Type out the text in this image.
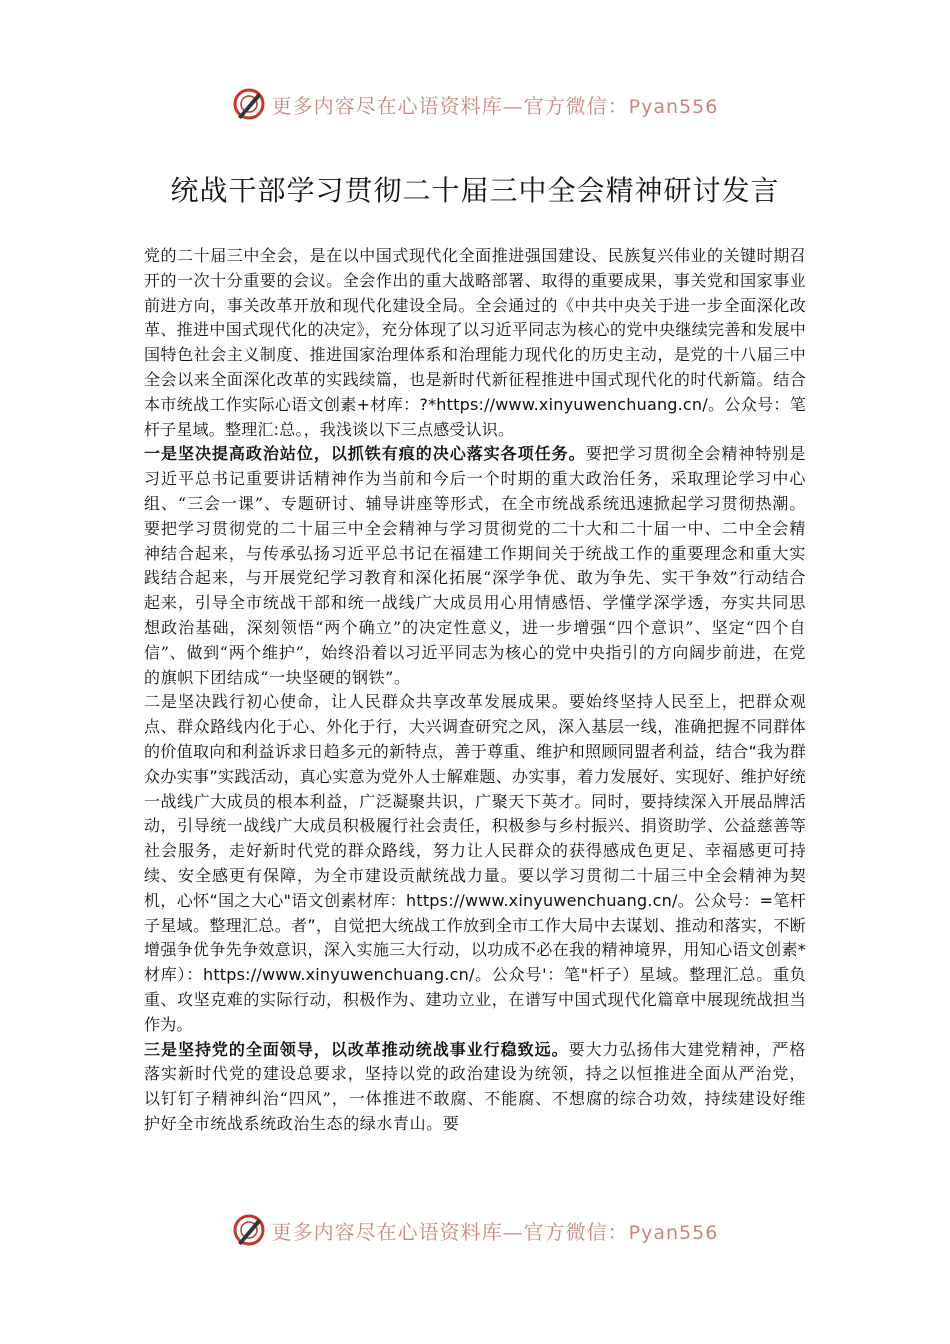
更多内容尽在心语资料库—官方微信：Pyan556
统战干部学习贯彻二十届三中全会精神研讨发言

党的二十届三中全会，是在以中国式现代化全面推进强国建设、民族复兴伟业的关键时期召开的一次十分重要的会议。全会作出的重大战略部署、取得的重要成果，事关党和国家事业前进方向，事关改革开放和现代化建设全局。全会通过的《中共中央关于进一步全面深化改革、推进中国式现代化的决定》，充分体现了以习近平同志为核心的党中央继续完善和发展中国特色社会主义制度、推进国家治理体系和治理能力现代化的历史主动，是党的十八届三中全会以来全面深化改革的实践续篇，也是新时代新征程推进中国式现代化的时代新篇。结合本市统战工作实际心语文创素+材库：?*https://www.xinyuwenchuang.cn/。公众号：笔杆子星域。整理汇:总。，我浅谈以下三点感受认识。

一是坚决提高政治站位，以抓铁有痕的决心落实各项任务。要把学习贯彻全会精神特别是习近平总书记重要讲话精神作为当前和今后一个时期的重大政治任务，采取理论学习中心组、“三会一课”、专题研讨、辅导讲座等形式，在全市统战系统迅速掀起学习贯彻热潮。要把学习贯彻党的二十届三中全会精神与学习贯彻党的二十大和二十届一中、二中全会精神结合起来，与传承弘扬习近平总书记在福建工作期间关于统战工作的重要理念和重大实践结合起来，与开展党纪学习教育和深化拓展“深学争优、敢为争先、实干争效”行动结合起来，引导全市统战干部和统一战线广大成员用心用情感悟、学懂学深学透，夯实共同思想政治基础，深刻领悟“两个确立”的决定性意义，进一步增强“四个意识”、坚定“四个自信”、做到“两个维护”，始终沿着以习近平同志为核心的党中央指引的方向阔步前进，在党的旗帜下团结成“一块坚硬的钢铁”。

二是坚决践行初心使命，让人民群众共享改革发展成果。要始终坚持人民至上，把群众观点、群众路线内化于心、外化于行，大兴调查研究之风，深入基层一线，准确把握不同群体的价值取向和利益诉求日趋多元的新特点，善于尊重、维护和照顾同盟者利益，结合“我为群众办实事”实践活动，真心实意为党外人士解难题、办实事，着力发展好、实现好、维护好统一战线广大成员的根本利益，广泛凝聚共识，广聚天下英才。同时，要持续深入开展品牌活动，引导统一战线广大成员积极履行社会责任，积极参与乡村振兴、捐资助学、公益慈善等社会服务，走好新时代党的群众路线，努力让人民群众的获得感成色更足、幸福感更可持续、安全感更有保障，为全市建设贡献统战力量。要以学习贯彻二十届三中全会精神为契机，心怀“国之大心"语文创素材库：https://www.xinyuwenchuang.cn/。公众号：=笔杆子星域。整理汇总。者”，自觉把大统战工作放到全市工作大局中去谋划、推动和落实，不断增强争优争先争效意识，深入实施三大行动，以功成不必在我的精神境界，用知心语文创素*材库）：https://www.xinyuwenchuang.cn/。公众号'：笔"杆子）星域。整理汇总。重负重、攻坚克难的实际行动，积极作为、建功立业，在谱写中国式现代化篇章中展现统战担当作为。

三是坚持党的全面领导，以改革推动统战事业行稳致远。要大力弘扬伟大建党精神，严格落实新时代党的建设总要求，坚持以党的政治建设为统领，持之以恒推进全面从严治党，以钉钉子精神纠治“四风”，一体推进不敢腐、不能腐、不想腐的综合功效，持续建设好维护好全市统战系统政治生态的绿水青山。要

更多内容尽在心语资料库—官方微信：Pyan556
